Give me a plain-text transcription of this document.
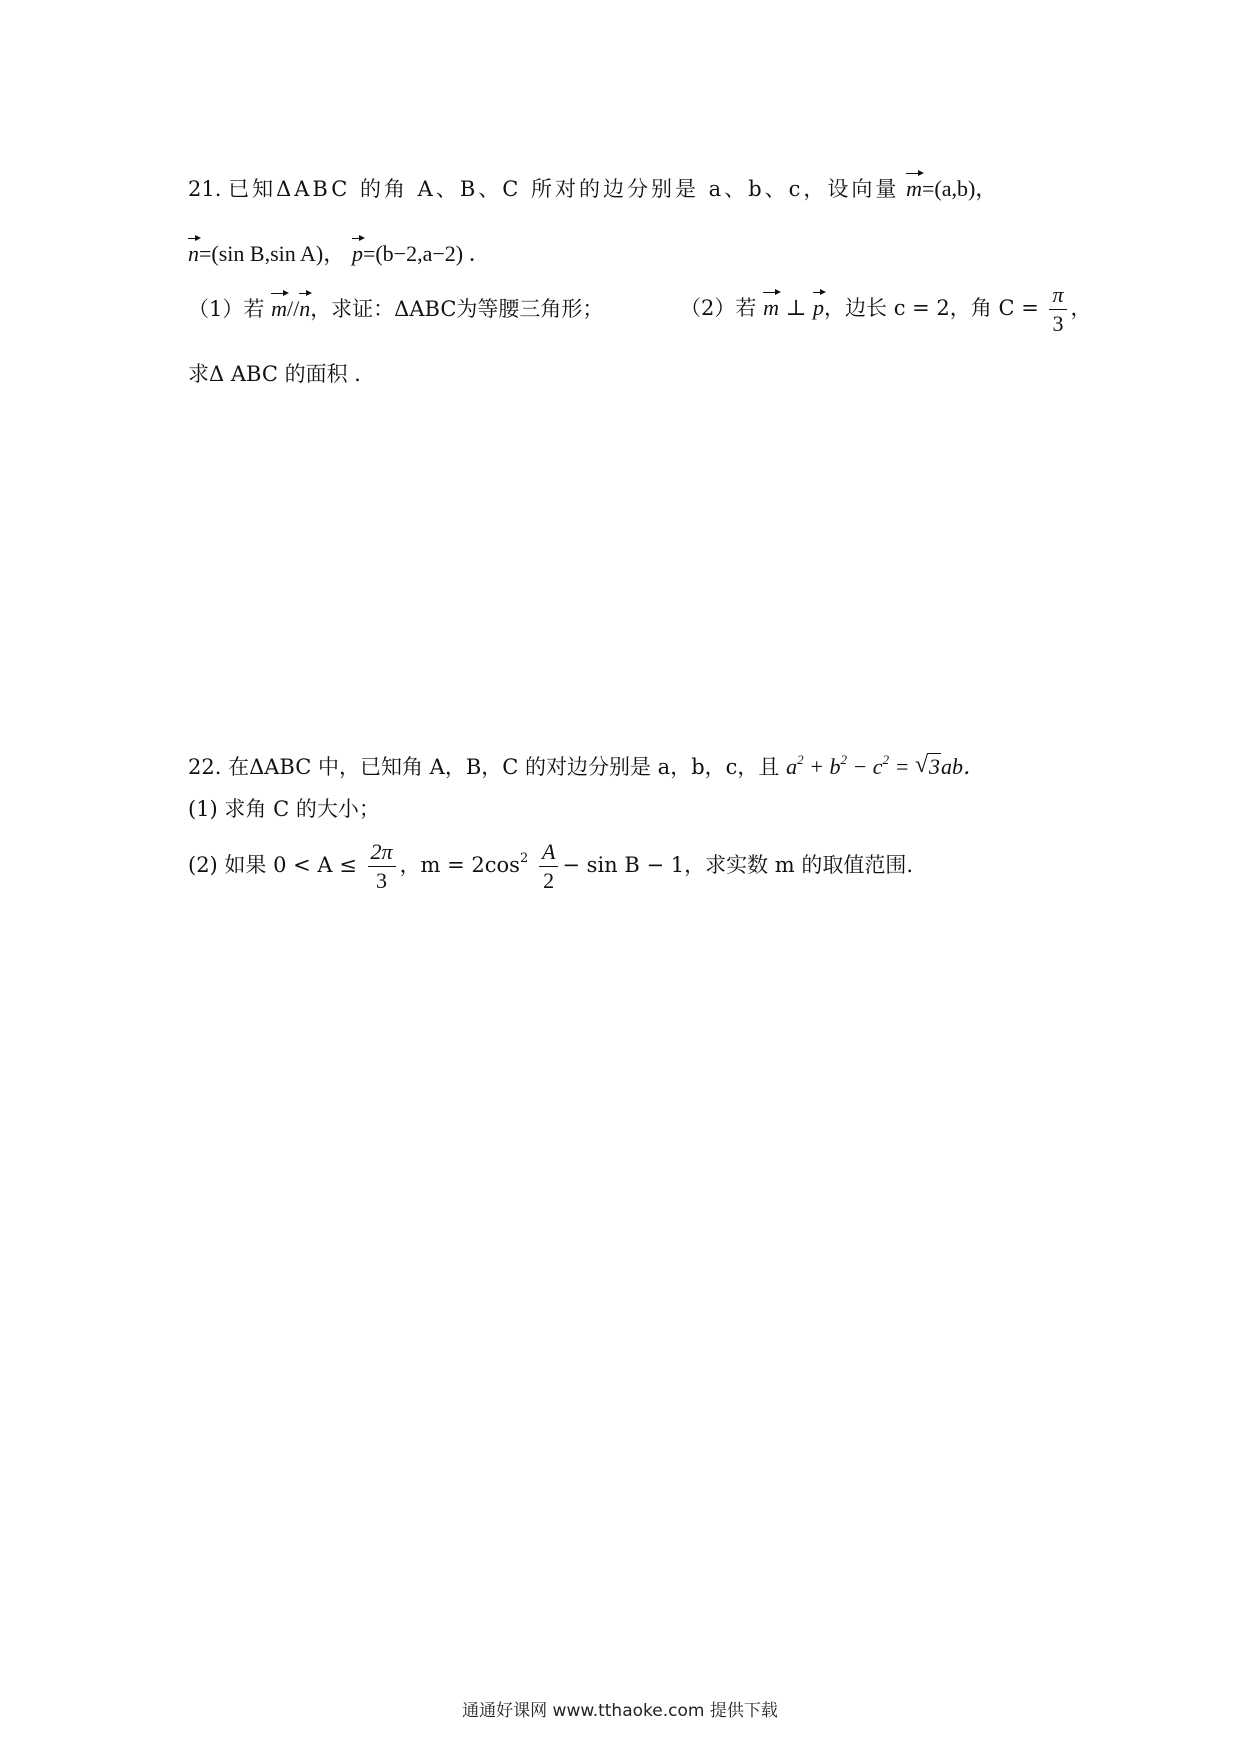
21. 已知ΔABC 的角 A、B、C 所对的边分别是 a、b、c，设向量 m=(a,b)，
n=(sin B,sin A)， p=(b−2,a−2) ．
（1）若 m//n，求证：ΔABC为等腰三角形；	（2）若 m ⊥ p，边长 c = 2，角 $C = \frac{\pi}{3}$ ，
求Δ ABC 的面积 ．
22. 在ΔABC 中，已知角 A，B，C 的对边分别是 a，b，c，且 $a^2 + b^2 - c^2$ = √ 3ab．
(1) 求角 C 的大小；
(2) 如果 $0 < A \le \frac{2\pi}{3}$ ，$m = 2\cos^2 \frac{A}{2} - \sin B - 1$，求实数 m 的取值范围.
通通好课网 www.tthaoke.com 提供下载
